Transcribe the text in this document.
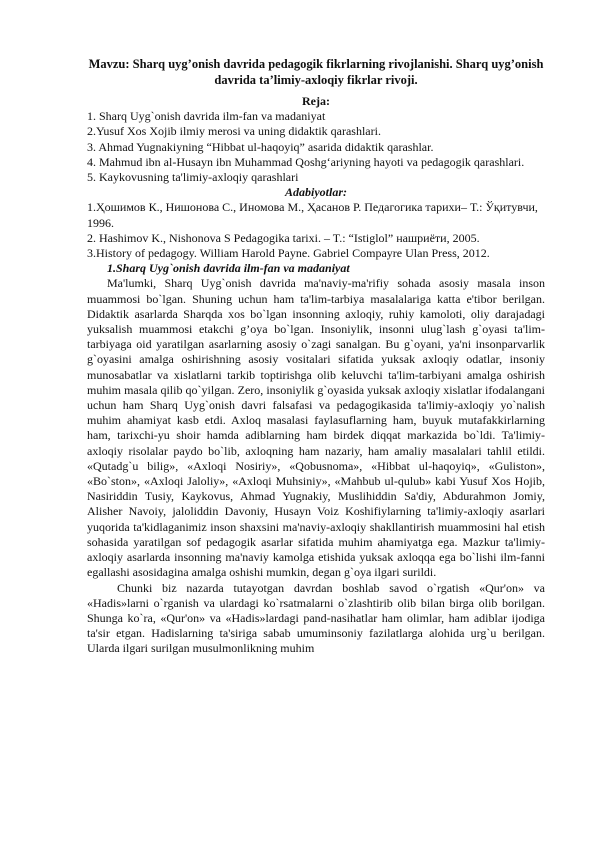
Mavzu: Sharq uyg’onish davrida pedagogik fikrlarning rivojlanishi. Sharq uyg’onish davrida ta’limiy-axloqiy fikrlar rivoji.

Reja:

1. Sharq Uyg`onish davrida ilm-fan va madaniyat

2.Yusuf Xos Xojib ilmiy merosi va uning didaktik qarashlari.

3. Ahmad Yugnakiyning “Hibbat ul-haqoyiq” asarida didaktik qarashlar.

4. Mahmud ibn al-Husayn ibn Muhammad Qoshg‘ariyning hayoti va pedagogik qarashlari.

5. Kaykovusning ta'limiy-axloqiy qarashlari

Adabiyotlar:

1.Ҳошимов К., Нишонова С., Иномова М., Ҳасанов Р. Педагогика тарихи– Т.: Ўқитувчи, 1996.

2. Hashimov K., Nishonova S Pedagogika tarixi. – T.: “Istiglol” нашриёти, 2005.

3.History of pedagogy. William Harold Payne. Gabriel Compayre Ulan Press, 2012.

1.Sharq Uyg`onish davrida ilm-fan va madaniyat

Ma'lumki, Sharq Uyg`onish davrida ma'naviy-ma'rifiy sohada asosiy masala inson muammosi bo`lgan. Shuning uchun ham ta'lim-tarbiya masalalariga katta e'tibor berilgan. Didaktik asarlarda Sharqda xos bo`lgan insonning axloqiy, ruhiy kamoloti, oliy darajadagi yuksalish muammosi etakchi g’oya bo`lgan. Insoniylik, insonni ulug`lash g`oyasi ta'lim-tarbiyaga oid yaratilgan asarlarning asosiy o`zagi sanalgan. Bu g`oyani, ya'ni insonparvarlik g`oyasini amalga oshirishning asosiy vositalari sifatida yuksak axloqiy odatlar, insoniy munosabatlar va xislatlarni tarkib toptirishga olib keluvchi ta'lim-tarbiyani amalga oshirish muhim masala qilib qo`yilgan. Zero, insoniylik g`oyasida yuksak axloqiy xislatlar ifodalangani uchun ham Sharq Uyg`onish davri falsafasi va pedagogikasida ta'limiy-axloqiy yo`nalish muhim ahamiyat kasb etdi. Axloq masalasi faylasuflarning ham, buyuk mutafakkirlarning ham, tarixchi-yu shoir hamda adiblarning ham birdek diqqat markazida bo`ldi. Ta'limiy-axloqiy risolalar paydo bo`lib, axloqning ham nazariy, ham amaliy masalalari tahlil etildi. «Qutadg`u bilig», «Axloqi Nosiriy», «Qobusnoma», «Hibbat ul-haqoyiq», «Guliston», «Bo`ston», «Axloqi Jaloliy», «Axloqi Muhsiniy», «Mahbub ul-qulub» kabi Yusuf Xos Hojib, Nasiriddin Tusiy, Kaykovus, Ahmad Yugnakiy, Muslihiddin Sa'diy, Abdurahmon Jomiy, Alisher Navoiy, jaloliddin Davoniy, Husayn Voiz Koshifiylarning ta'limiy-axloqiy asarlari yuqorida ta'kidlaganimiz inson shaxsini ma'naviy-axloqiy shakllantirish muammosini hal etish sohasida yaratilgan sof pedagogik asarlar sifatida muhim ahamiyatga ega. Mazkur ta'limiy-axloqiy asarlarda insonning ma'naviy kamolga etishida yuksak axloqqa ega bo`lishi ilm-fanni egallashi asosidagina amalga oshishi mumkin, degan g`oya ilgari surildi.

Chunki biz nazarda tutayotgan davrdan boshlab savod o`rgatish «Qur'on» va «Hadis»larni o`rganish va ulardagi ko`rsatmalarni o`zlashtirib olib bilan birga olib borilgan. Shunga ko`ra, «Qur'on» va «Hadis»lardagi pand-nasihatlar ham olimlar, ham adiblar ijodiga ta'sir etgan. Hadislarning ta'siriga sabab umuminsoniy fazilatlarga alohida urg`u berilgan. Ularda ilgari surilgan musulmonlikning muhim
